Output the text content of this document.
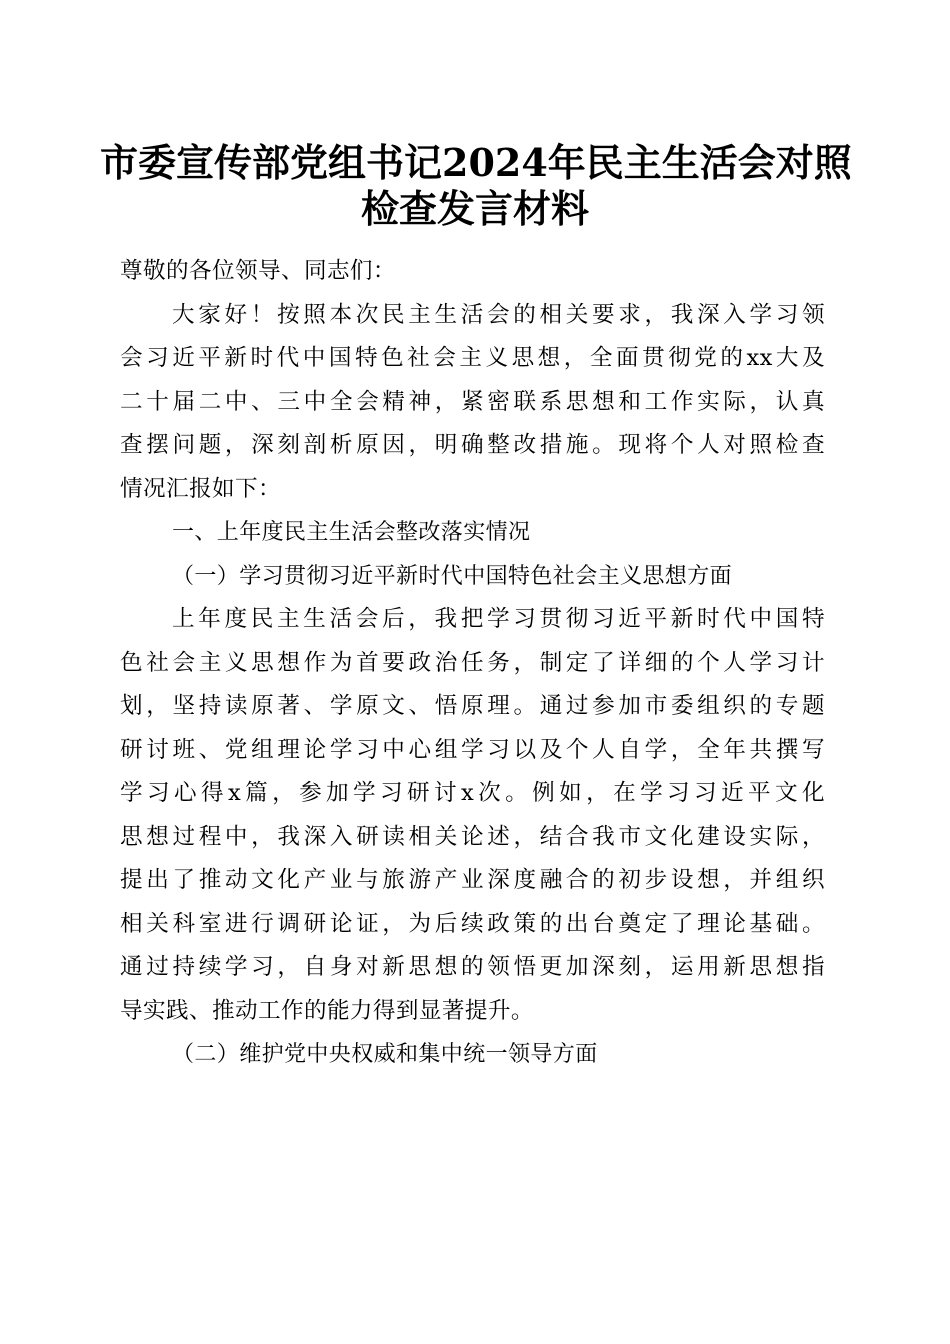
市委宣传部党组书记2024年民主生活会对照
检查发言材料
尊敬的各位领导、同志们：
大家好！按照本次民主生活会的相关要求，我深入学习领
会习近平新时代中国特色社会主义思想，全面贯彻党的xx大及
二十届二中、三中全会精神，紧密联系思想和工作实际，认真
查摆问题，深刻剖析原因，明确整改措施。现将个人对照检查
情况汇报如下：
一、上年度民主生活会整改落实情况
（一）学习贯彻习近平新时代中国特色社会主义思想方面
上年度民主生活会后，我把学习贯彻习近平新时代中国特
色社会主义思想作为首要政治任务，制定了详细的个人学习计
划，坚持读原著、学原文、悟原理。通过参加市委组织的专题
研讨班、党组理论学习中心组学习以及个人自学，全年共撰写
学习心得x篇，参加学习研讨x次。例如，在学习习近平文化
思想过程中，我深入研读相关论述，结合我市文化建设实际，
提出了推动文化产业与旅游产业深度融合的初步设想，并组织
相关科室进行调研论证，为后续政策的出台奠定了理论基础。
通过持续学习，自身对新思想的领悟更加深刻，运用新思想指
导实践、推动工作的能力得到显著提升。
（二）维护党中央权威和集中统一领导方面
